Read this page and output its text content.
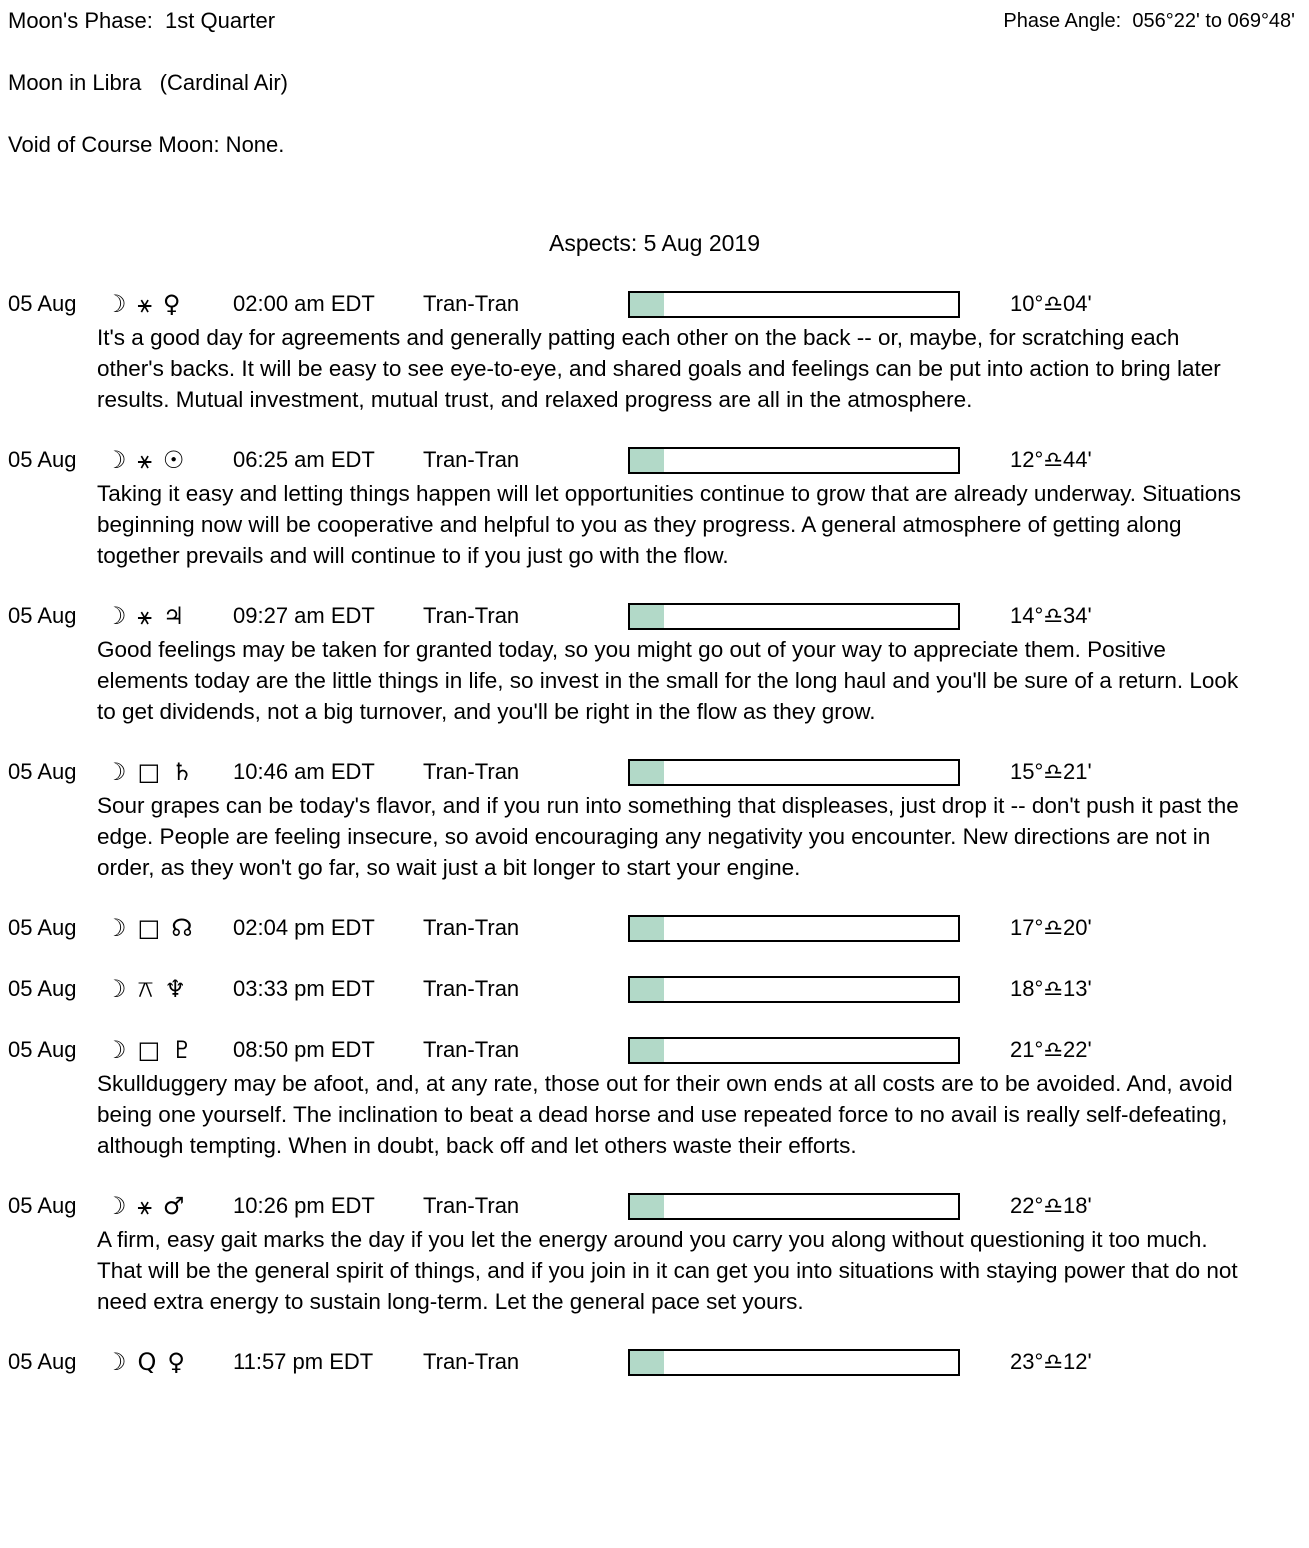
Moon's Phase:  1st Quarter	Phase Angle:  056°22' to 069°48'
Moon in Libra   (Cardinal Air)
Void of Course Moon: None.
Aspects: 5 Aug 2019
05 Aug	☽ ⚹ ♀ 02:00 am EDT	Tran-Tran	10°♎04'

It's a good day for agreements and generally patting each other on the back -- or, maybe, for scratching each other's backs. It will be easy to see eye-to-eye, and shared goals and feelings can be put into action to bring later results. Mutual investment, mutual trust, and relaxed progress are all in the atmosphere.

05 Aug	☽ ⚹ ☉ 06:25 am EDT	Tran-Tran	12°♎44'

Taking it easy and letting things happen will let opportunities continue to grow that are already underway. Situations beginning now will be cooperative and helpful to you as they progress. A general atmosphere of getting along together prevails and will continue to if you just go with the flow.

05 Aug	☽ ⚹ ♃ 09:27 am EDT	Tran-Tran	14°♎34'

Good feelings may be taken for granted today, so you might go out of your way to appreciate them. Positive elements today are the little things in life, so invest in the small for the long haul and you'll be sure of a return. Look to get dividends, not a big turnover, and you'll be right in the flow as they grow.

05 Aug	☽ □ ♄ 10:46 am EDT	Tran-Tran	15°♎21'

Sour grapes can be today's flavor, and if you run into something that displeases, just drop it -- don't push it past the edge. People are feeling insecure, so avoid encouraging any negativity you encounter. New directions are not in order, as they won't go far, so wait just a bit longer to start your engine.

05 Aug	☽ □ ☊ 02:04 pm EDT	Tran-Tran	17°♎20'
05 Aug	☽ ⚻ ♆ 03:33 pm EDT	Tran-Tran	18°♎13'
05 Aug	☽ □ ♇ 08:50 pm EDT	Tran-Tran	21°♎22'

Skullduggery may be afoot, and, at any rate, those out for their own ends at all costs are to be avoided. And, avoid being one yourself. The inclination to beat a dead horse and use repeated force to no avail is really self-defeating, although tempting. When in doubt, back off and let others waste their efforts.

05 Aug	☽ ⚹ ♂ 10:26 pm EDT	Tran-Tran	22°♎18'

A firm, easy gait marks the day if you let the energy around you carry you along without questioning it too much. That will be the general spirit of things, and if you join in it can get you into situations with staying power that do not need extra energy to sustain long-term. Let the general pace set yours.

05 Aug	☽ Q ♀ 11:57 pm EDT	Tran-Tran	23°♎12'
